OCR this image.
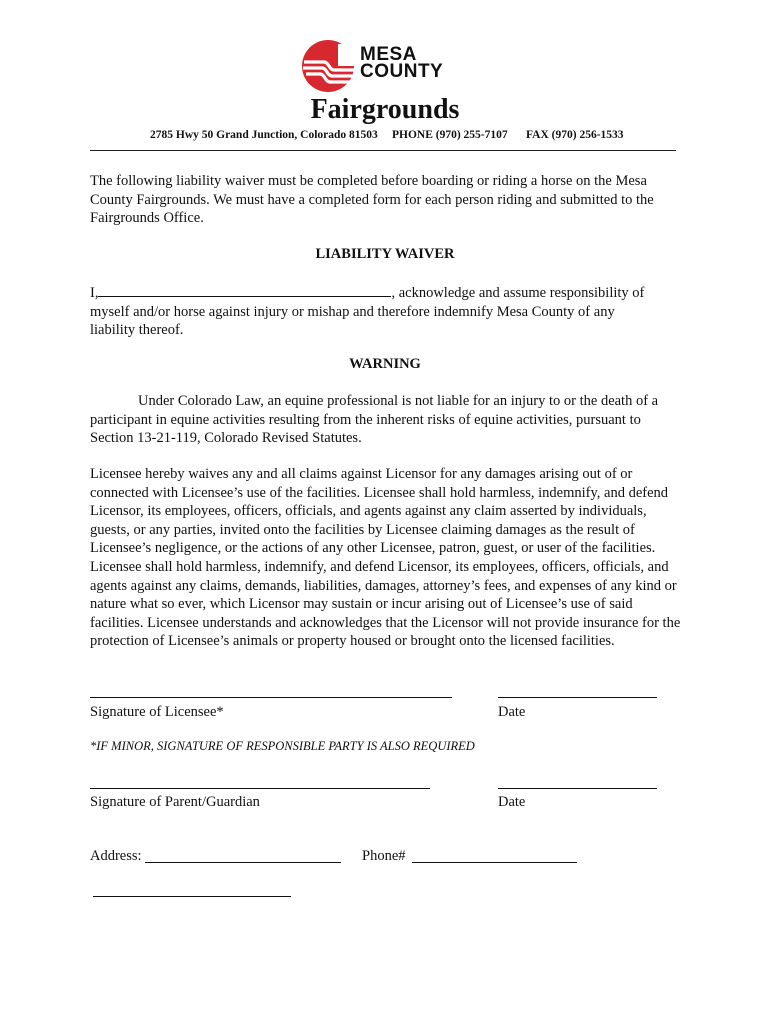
MESA
COUNTY
Fairgrounds
2785 Hwy 50 Grand Junction, Colorado 81503 PHONE (970) 255-7107 FAX (970) 256-1533
The following liability waiver must be completed before boarding or riding a horse on the Mesa County Fairgrounds. We must have a completed form for each person riding and submitted to the Fairgrounds Office.
LIABILITY WAIVER
I,	, acknowledge and assume responsibility of
myself and/or horse against injury or mishap and therefore indemnify Mesa County of any
liability thereof.
WARNING
Under Colorado Law, an equine professional is not liable for an injury to or the death of a participant in equine activities resulting from the inherent risks of equine activities, pursuant to Section 13-21-119, Colorado Revised Statutes.
Licensee hereby waives any and all claims against Licensor for any damages arising out of or connected with Licensee’s use of the facilities. Licensee shall hold harmless, indemnify, and defend Licensor, its employees, officers, officials, and agents against any claim asserted by individuals, guests, or any parties, invited onto the facilities by Licensee claiming damages as the result of Licensee’s negligence, or the actions of any other Licensee, patron, guest, or user of the facilities. Licensee shall hold harmless, indemnify, and defend Licensor, its employees, officers, officials, and agents against any claims, demands, liabilities, damages, attorney’s fees, and expenses of any kind or nature what so ever, which Licensor may sustain or incur arising out of Licensee’s use of said facilities. Licensee understands and acknowledges that the Licensor will not provide insurance for the protection of Licensee’s animals or property housed or brought onto the licensed facilities.
Signature of Licensee*	Date
*IF MINOR, SIGNATURE OF RESPONSIBLE PARTY IS ALSO REQUIRED
Signature of Parent/Guardian	Date
Address:	Phone#
